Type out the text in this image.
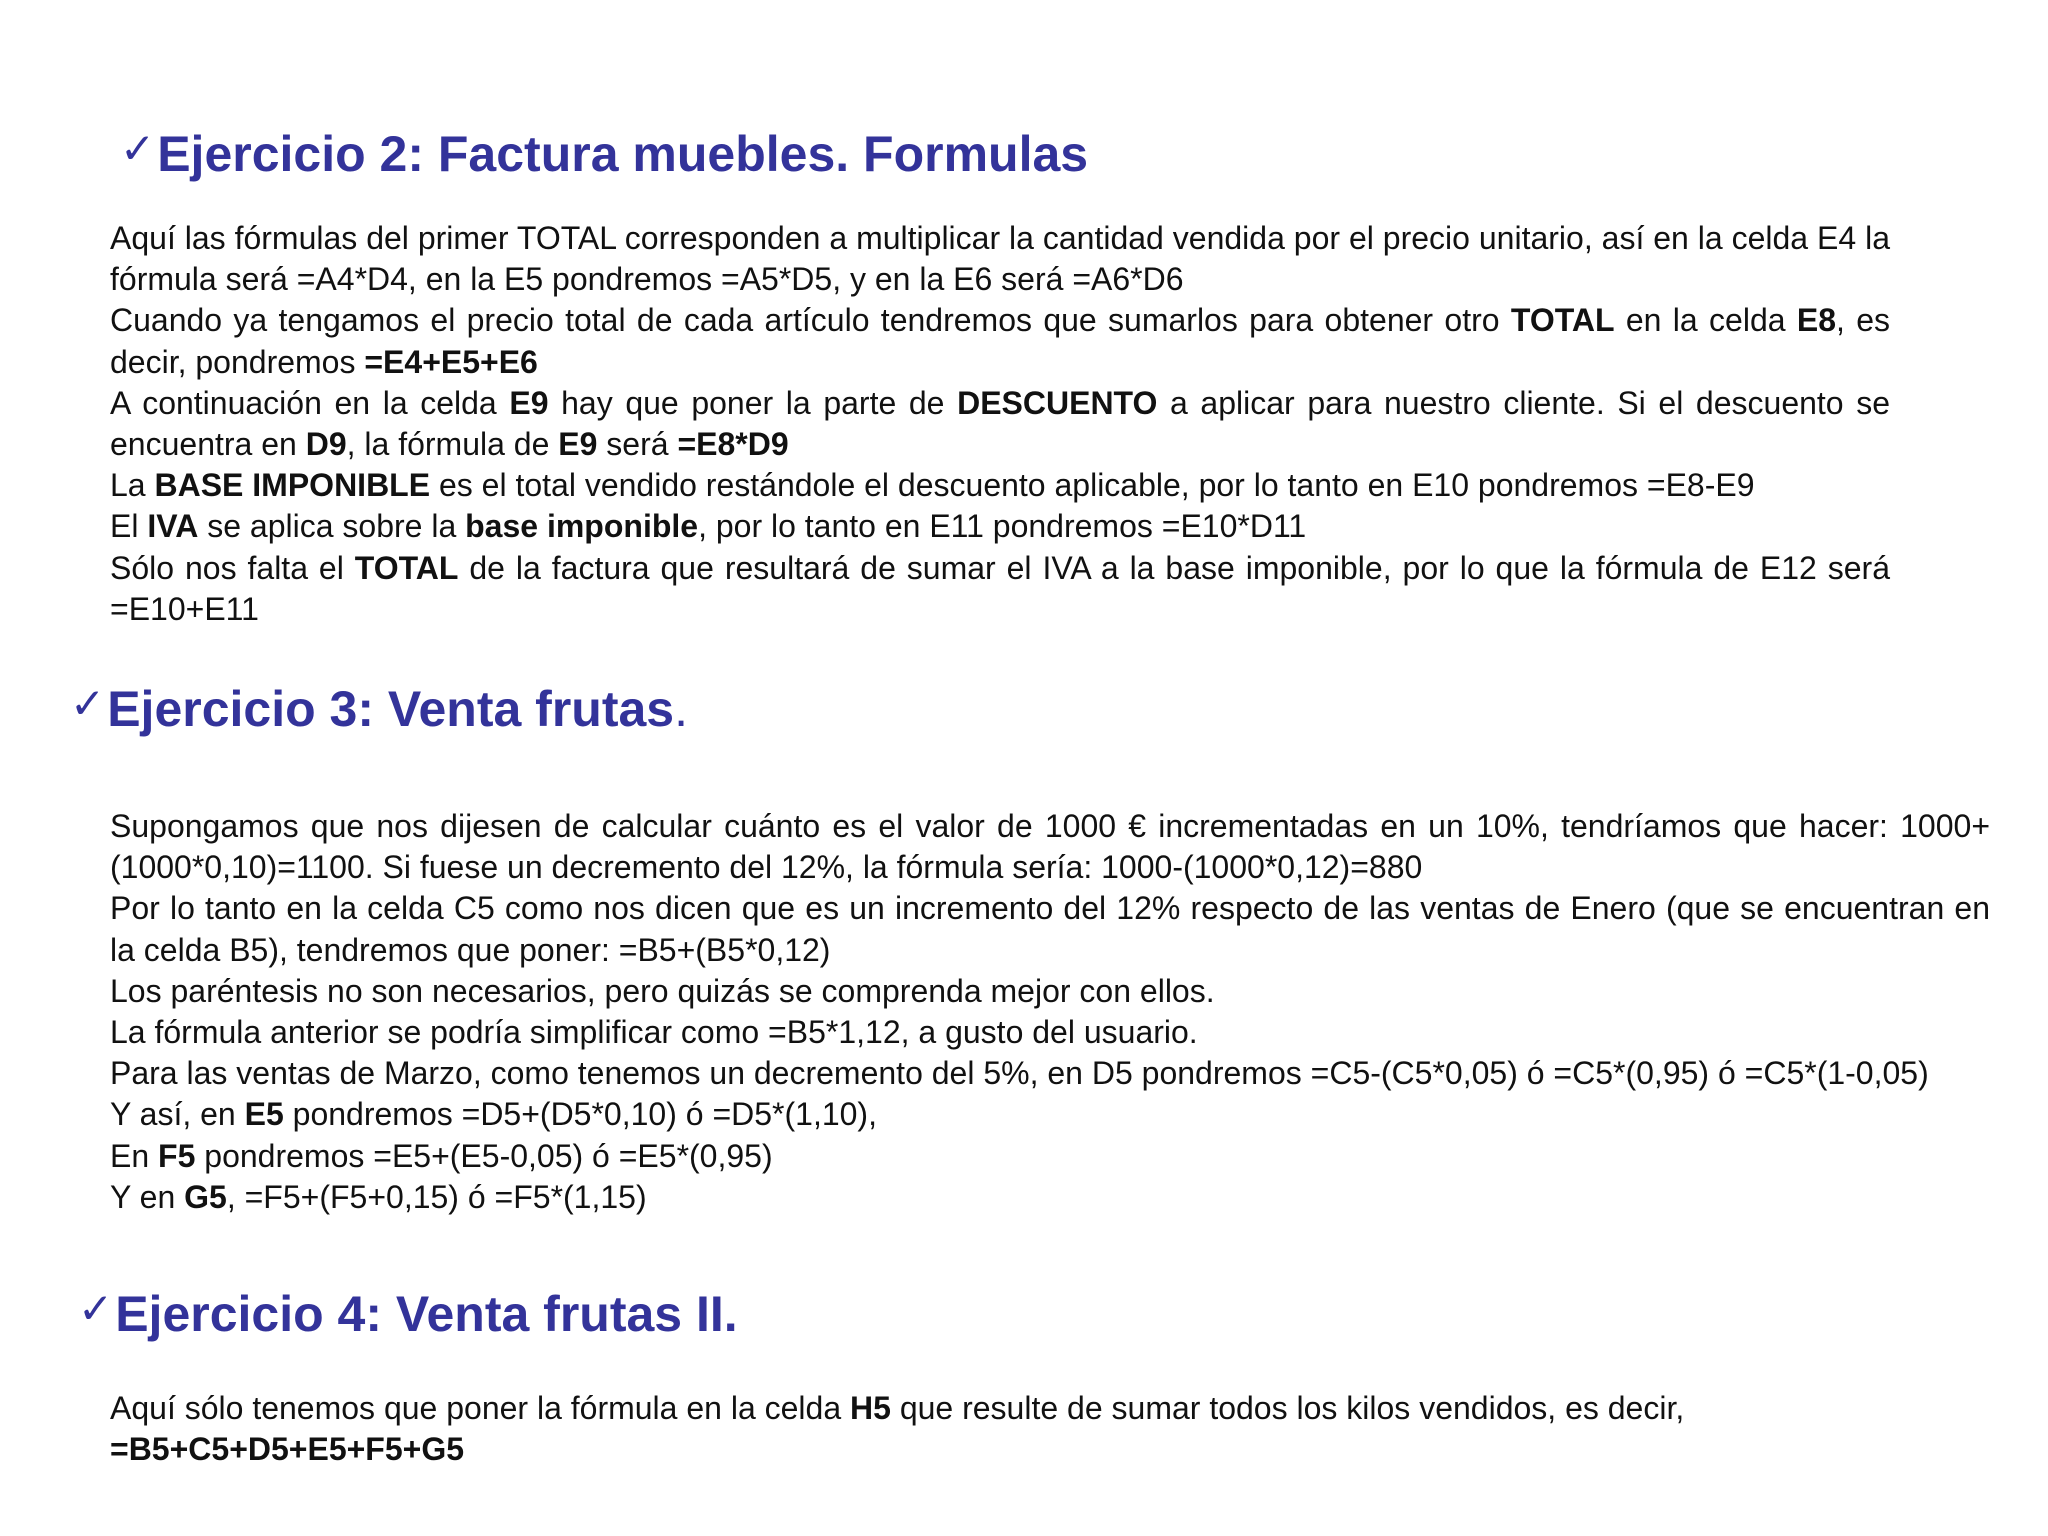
✓Ejercicio 2: Factura muebles. Formulas

Aquí las fórmulas del primer TOTAL corresponden a multiplicar la cantidad vendida por el precio unitario, así en la celda E4 la fórmula será =A4*D4, en la E5 pondremos =A5*D5, y en la E6 será =A6*D6

Cuando ya tengamos el precio total de cada artículo tendremos que sumarlos para obtener otro TOTAL en la celda E8, es decir, pondremos =E4+E5+E6

A continuación en la celda E9 hay que poner la parte de DESCUENTO a aplicar para nuestro cliente. Si el descuento se encuentra en D9, la fórmula de E9 será =E8*D9

La BASE IMPONIBLE es el total vendido restándole el descuento aplicable, por lo tanto en E10 pondremos =E8-E9

El IVA se aplica sobre la base imponible, por lo tanto en E11 pondremos =E10*D11

Sólo nos falta el TOTAL de la factura que resultará de sumar el IVA a la base imponible, por lo que la fórmula de E12 será =E10+E11

✓Ejercicio 3: Venta frutas.

Supongamos que nos dijesen de calcular cuánto es el valor de 1000 € incrementadas en un 10%, tendríamos que hacer: 1000+(1000*0,10)=1100. Si fuese un decremento del 12%, la fórmula sería: 1000-(1000*0,12)=880

Por lo tanto en la celda C5 como nos dicen que es un incremento del 12% respecto de las ventas de Enero (que se encuentran en la celda B5), tendremos que poner: =B5+(B5*0,12)

Los paréntesis no son necesarios, pero quizás se comprenda mejor con ellos.

La fórmula anterior se podría simplificar como =B5*1,12, a gusto del usuario.

Para las ventas de Marzo, como tenemos un decremento del 5%, en D5 pondremos =C5-(C5*0,05) ó =C5*(0,95) ó =C5*(1-0,05)

Y así, en E5 pondremos =D5+(D5*0,10) ó =D5*(1,10),

En F5 pondremos =E5+(E5-0,05) ó =E5*(0,95)

Y en G5, =F5+(F5+0,15) ó =F5*(1,15)

✓Ejercicio 4: Venta frutas II.

Aquí sólo tenemos que poner la fórmula en la celda H5 que resulte de sumar todos los kilos vendidos, es decir,

=B5+C5+D5+E5+F5+G5
